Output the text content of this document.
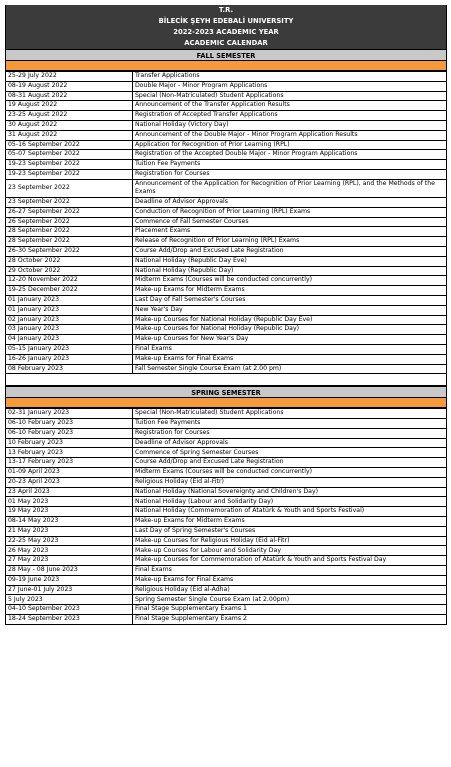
T.R.
BİLECİK ŞEYH EDEBALİ UNIVERSITY
2022-2023 ACADEMIC YEAR
ACADEMIC CALENDAR
FALL SEMESTER
25-29 July 2022	Transfer Applications
08-19 August 2022	Double Major - Minor Program Applications
08-31 August 2022	Special (Non-Matriculated) Student Applications
19 August 2022	Announcement of the Transfer Application Results
23-25 August 2022	Registration of Accepted Transfer Applications
30 August 2022	National Holiday (Victory Day)
31 August 2022	Announcement of the Double Major - Minor Program Application Results
05-16 September 2022	Application for Recognition of Prior Learning (RPL)
05-07 September 2022	Registration of the Accepted Double Major - Minor Program Applications
19-23 September 2022	Tuition Fee Payments
19-23 September 2022	Registration for Courses
23 September 2022	Announcement of the Application for Recognition of Prior Learning (RPL), and the Methods of the Exams
23 September 2022	Deadline of Advisor Approvals
26-27 September 2022	Conduction of Recognition of Prior Learning (RPL) Exams
26 September 2022	Commence of Fall Semester Courses
28 September 2022	Placement Exams
28 September 2022	Release of Recognition of Prior Learning (RPL) Exams
26-30 September 2022	Course Add/Drop and Excused Late Registration
28 October 2022	National Holiday (Republic Day Eve)
29 October 2022	National Holiday (Republic Day)
12-20 November 2022	Midterm Exams (Courses will be conducted concurrently)
19-25 December 2022	Make-up Exams for Midterm Exams
01 January 2023	Last Day of Fall Semester's Courses
01 January 2023	New Year's Day
02 January 2023	Make-up Courses for National Holiday (Republic Day Eve)
03 January 2023	Make-up Courses for National Holiday (Republic Day)
04 January 2023	Make-up Courses for New Year's Day
05-15 January 2023	Final Exams
16-26 January 2023	Make-up Exams for Final Exams
08 February 2023	Fall Semester Single Course Exam (at 2.00 pm)
SPRING SEMESTER
02-31 January 2023	Special (Non-Matriculated) Student Applications
06-10 February 2023	Tuition Fee Payments
06-10 February 2023	Registration for Courses
10 February 2023	Deadline of Advisor Approvals
13 February 2023	Commence of Spring Semester Courses
13-17 February 2023	Course Add/Drop and Excused Late Registration
01-09 April 2023	Midterm Exams (Courses will be conducted concurrently)
20-23 April 2023	Religious Holiday (Eid al-Fitr)
23 April 2023	National Holiday (National Sovereignty and Children's Day)
01 May 2023	National Holiday (Labour and Solidarity Day)
19 May 2023	National Holiday (Commemoration of Atatürk & Youth and Sports Festival)
08-14 May 2023	Make-up Exams for Midterm Exams
21 May 2023	Last Day of Spring Semester's Courses
22-25 May 2023	Make-up Courses for Religious Holiday (Eid al-Fitr)
26 May 2023	Make-up Courses for Labour and Solidarity Day
27 May 2023	Make-up Courses for Commemoration of Atatürk & Youth and Sports Festival Day
28 May - 08 June 2023	Final Exams
09-19 June 2023	Make-up Exams for Final Exams
27 June-01 July 2023	Religious Holiday (Eid al-Adha)
5 July 2023	Spring Semester Single Course Exam (at 2.00pm)
04-10 September 2023	Final Stage Supplementary Exams 1
18-24 September 2023	Final Stage Supplementary Exams 2
